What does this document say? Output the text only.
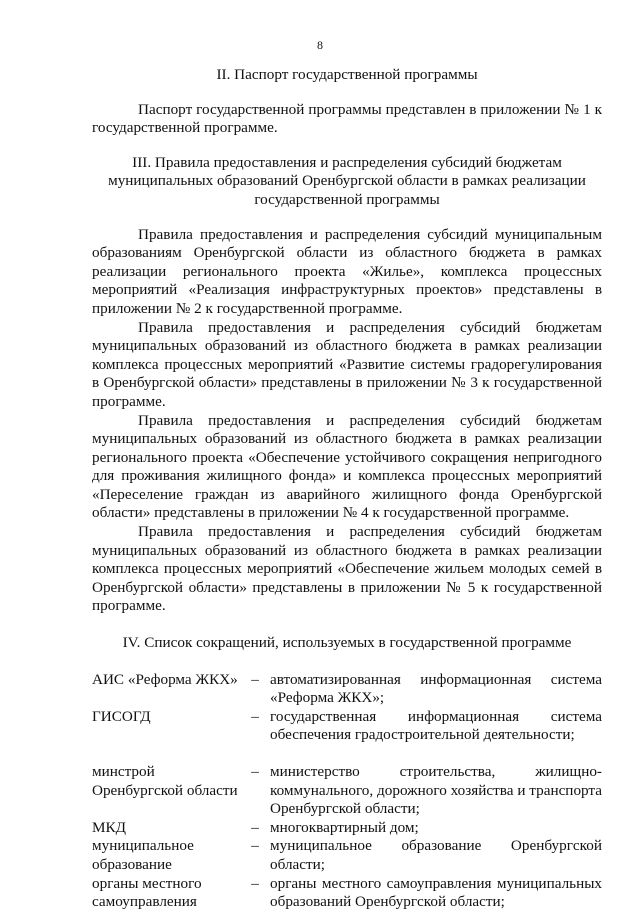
8

II. Паспорт государственной программы

Паспорт государственной программы представлен в приложении № 1 к государственной программе.

III. Правила предоставления и распределения субсидий бюджетам

муниципальных образований Оренбургской области в рамках реализации

государственной программы

Правила предоставления и распределения субсидий муниципальным образованиям Оренбургской области из областного бюджета в рамках реализации регионального проекта «Жилье», комплекса процессных мероприятий «Реализация инфраструктурных проектов» представлены в приложении № 2 к государственной программе.

Правила предоставления и распределения субсидий бюджетам муниципальных образований из областного бюджета в рамках реализации комплекса процессных мероприятий «Развитие системы градорегулирования в Оренбургской области» представлены в приложении № 3 к государственной программе.

Правила предоставления и распределения субсидий бюджетам муниципальных образований из областного бюджета в рамках реализации регионального проекта «Обеспечение устойчивого сокращения непригодного для проживания жилищного фонда» и комплекса процессных мероприятий «Переселение граждан из аварийного жилищного фонда Оренбургской области» представлены в приложении № 4 к государственной программе.

Правила предоставления и распределения субсидий бюджетам муниципальных образований из областного бюджета в рамках реализации комплекса процессных мероприятий «Обеспечение жильем молодых семей в Оренбургской области» представлены в приложении № 5 к государственной программе.

IV. Список сокращений, используемых в государственной программе

АИС «Реформа ЖКХ»	–	автоматизированная информационная система «Реформа ЖКХ»;
ГИСОГД	–	государственная информационная система обеспечения градостроительной деятельности;

минстрой Оренбургской области	–	министерство строительства, жилищно-коммунального, дорожного хозяйства и транспорта Оренбургской области;
МКД	–	многоквартирный дом;
муниципальное образование	–	муниципальное образование Оренбургской области;
органы местного самоуправления	–	органы местного самоуправления муниципальных образований Оренбургской области;
